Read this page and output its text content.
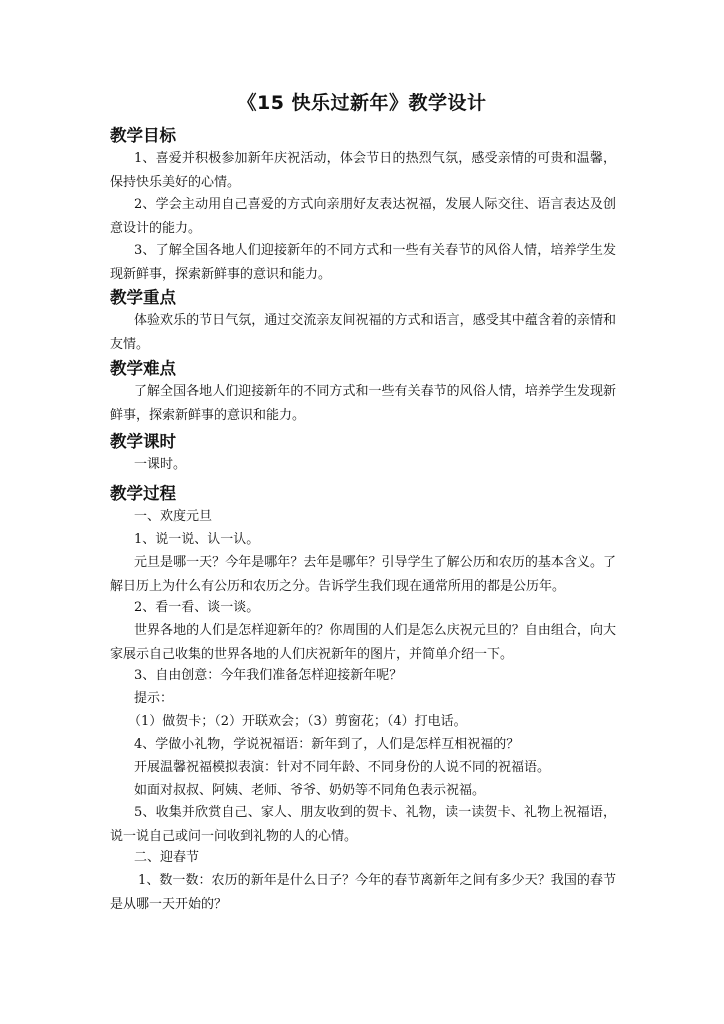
《15 快乐过新年》教学设计
教学目标
1、喜爱并积极参加新年庆祝活动，体会节日的热烈气氛，感受亲情的可贵和温馨，保持快乐美好的心情。
2、学会主动用自己喜爱的方式向亲朋好友表达祝福，发展人际交往、语言表达及创意设计的能力。
3、了解全国各地人们迎接新年的不同方式和一些有关春节的风俗人情，培养学生发现新鲜事，探索新鲜事的意识和能力。
教学重点
体验欢乐的节日气氛，通过交流亲友间祝福的方式和语言，感受其中蕴含着的亲情和友情。
教学难点
了解全国各地人们迎接新年的不同方式和一些有关春节的风俗人情，培养学生发现新鲜事，探索新鲜事的意识和能力。
教学课时
一课时。
教学过程
一、欢度元旦
1、说一说、认一认。
元旦是哪一天？今年是哪年？去年是哪年？引导学生了解公历和农历的基本含义。了解日历上为什么有公历和农历之分。告诉学生我们现在通常所用的都是公历年。
2、看一看、谈一谈。
世界各地的人们是怎样迎新年的？你周围的人们是怎么庆祝元旦的？自由组合，向大家展示自己收集的世界各地的人们庆祝新年的图片，并简单介绍一下。
3、自由创意：今年我们准备怎样迎接新年呢？
提示：
（1）做贺卡；（2）开联欢会；（3）剪窗花；（4）打电话。
4、学做小礼物，学说祝福语：新年到了，人们是怎样互相祝福的？
开展温馨祝福模拟表演：针对不同年龄、不同身份的人说不同的祝福语。
如面对叔叔、阿姨、老师、爷爷、奶奶等不同角色表示祝福。
5、收集并欣赏自己、家人、朋友收到的贺卡、礼物，读一读贺卡、礼物上祝福语，说一说自己或问一问收到礼物的人的心情。
二、迎春节
1、数一数：农历的新年是什么日子？今年的春节离新年之间有多少天？我国的春节是从哪一天开始的？
